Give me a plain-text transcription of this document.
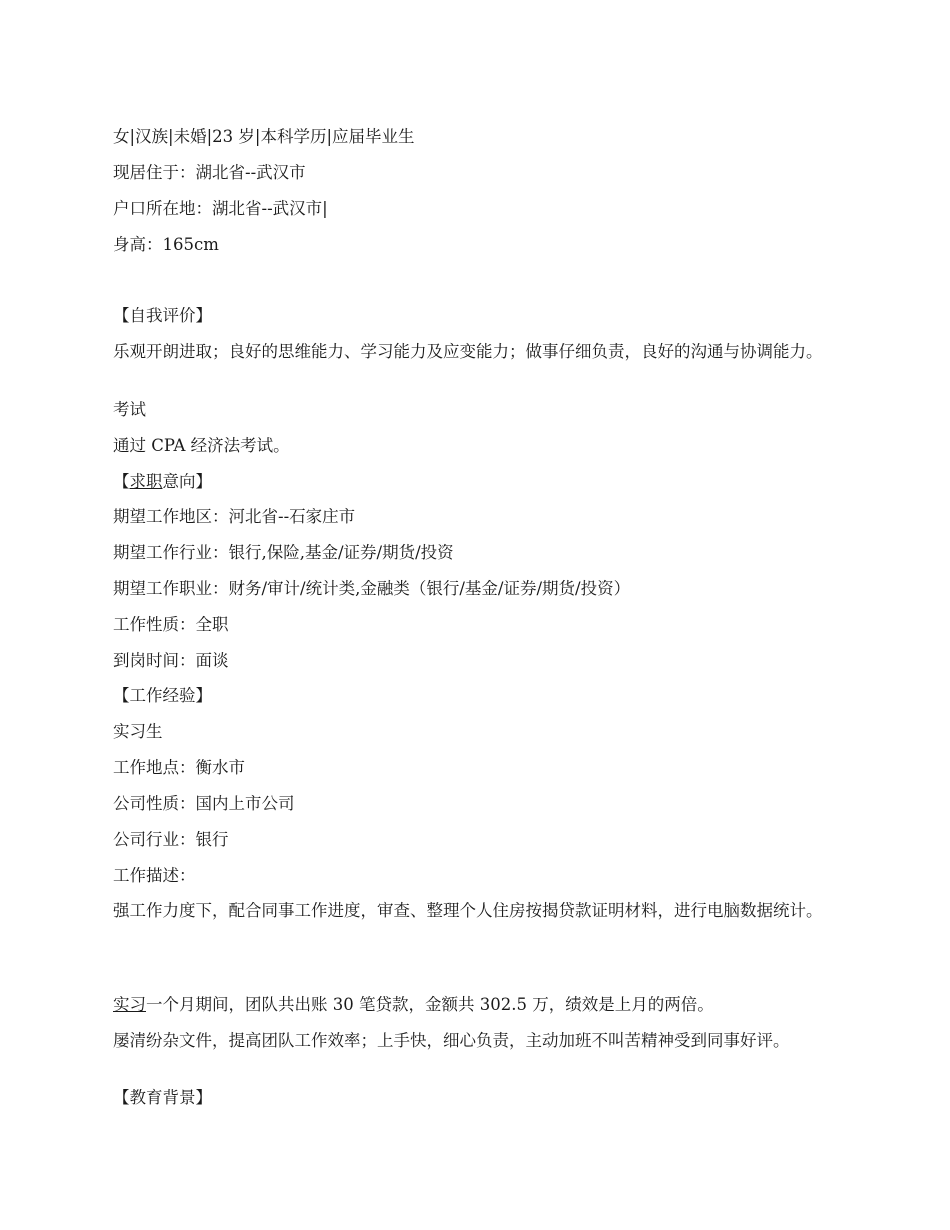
女|汉族|未婚|23 岁|本科学历|应届毕业生
现居住于：湖北省--武汉市
户口所在地：湖北省--武汉市|
身高：165cm
【自我评价】
乐观开朗进取；良好的思维能力、学习能力及应变能力；做事仔细负责，良好的沟通与协调能力。
考试
通过 CPA 经济法考试。
【求职意向】
期望工作地区：河北省--石家庄市
期望工作行业：银行,保险,基金/证券/期货/投资
期望工作职业：财务/审计/统计类,金融类（银行/基金/证券/期货/投资）
工作性质：全职
到岗时间：面谈
【工作经验】
实习生
工作地点：衡水市
公司性质：国内上市公司
公司行业：银行
工作描述：
强工作力度下，配合同事工作进度，审查、整理个人住房按揭贷款证明材料，进行电脑数据统计。
实习一个月期间，团队共出账 30 笔贷款，金额共 302.5 万，绩效是上月的两倍。
屡清纷杂文件，提高团队工作效率；上手快，细心负责，主动加班不叫苦精神受到同事好评。
【教育背景】
